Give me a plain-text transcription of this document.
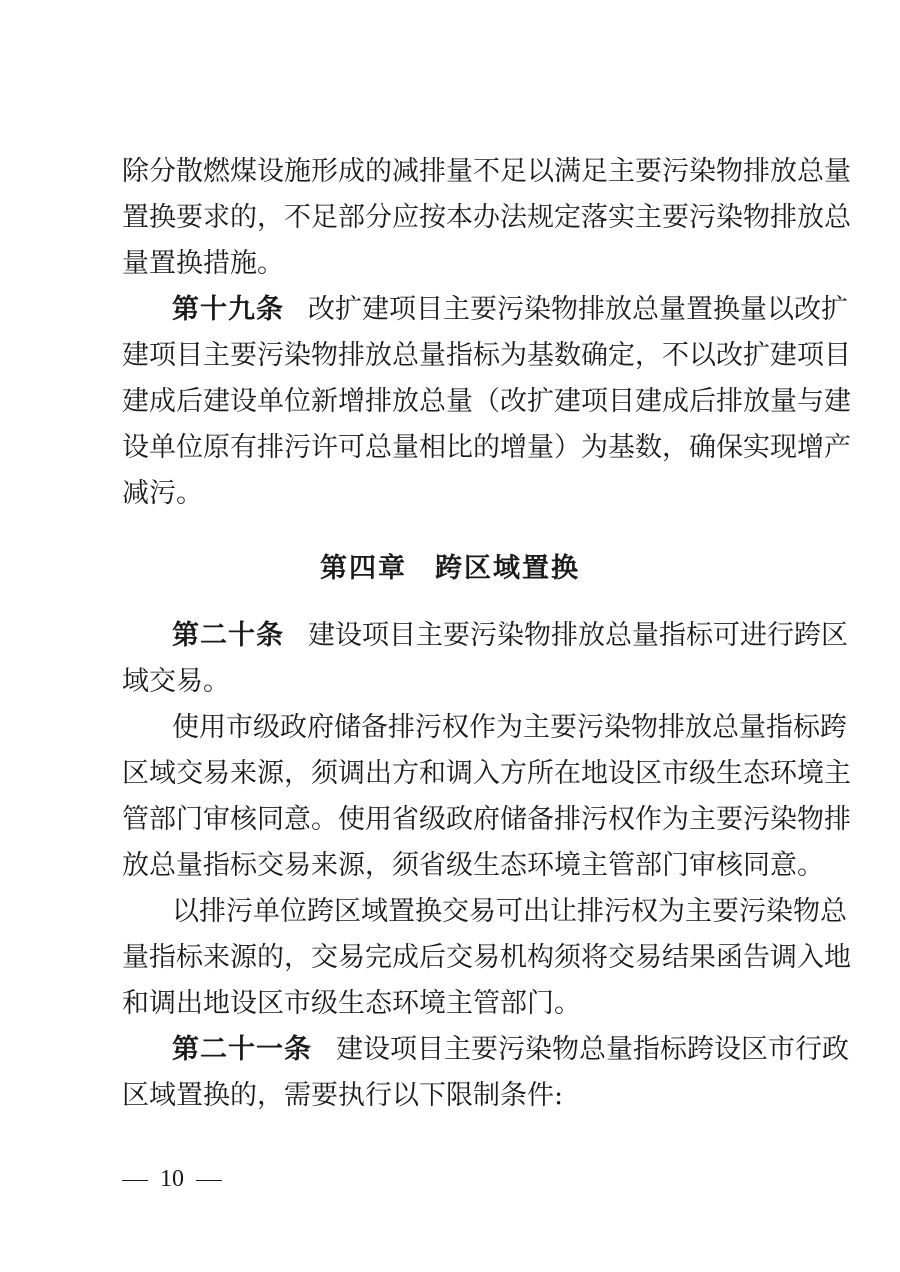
除分散燃煤设施形成的减排量不足以满足主要污染物排放总量
置换要求的，不足部分应按本办法规定落实主要污染物排放总
量置换措施。
第十九条 改扩建项目主要污染物排放总量置换量以改扩
建项目主要污染物排放总量指标为基数确定，不以改扩建项目
建成后建设单位新增排放总量（改扩建项目建成后排放量与建
设单位原有排污许可总量相比的增量）为基数，确保实现增产
减污。
第四章 跨区域置换
第二十条 建设项目主要污染物排放总量指标可进行跨区
域交易。
使用市级政府储备排污权作为主要污染物排放总量指标跨
区域交易来源，须调出方和调入方所在地设区市级生态环境主
管部门审核同意。使用省级政府储备排污权作为主要污染物排
放总量指标交易来源，须省级生态环境主管部门审核同意。
以排污单位跨区域置换交易可出让排污权为主要污染物总
量指标来源的，交易完成后交易机构须将交易结果函告调入地
和调出地设区市级生态环境主管部门。
第二十一条 建设项目主要污染物总量指标跨设区市行政
区域置换的，需要执行以下限制条件:
10
